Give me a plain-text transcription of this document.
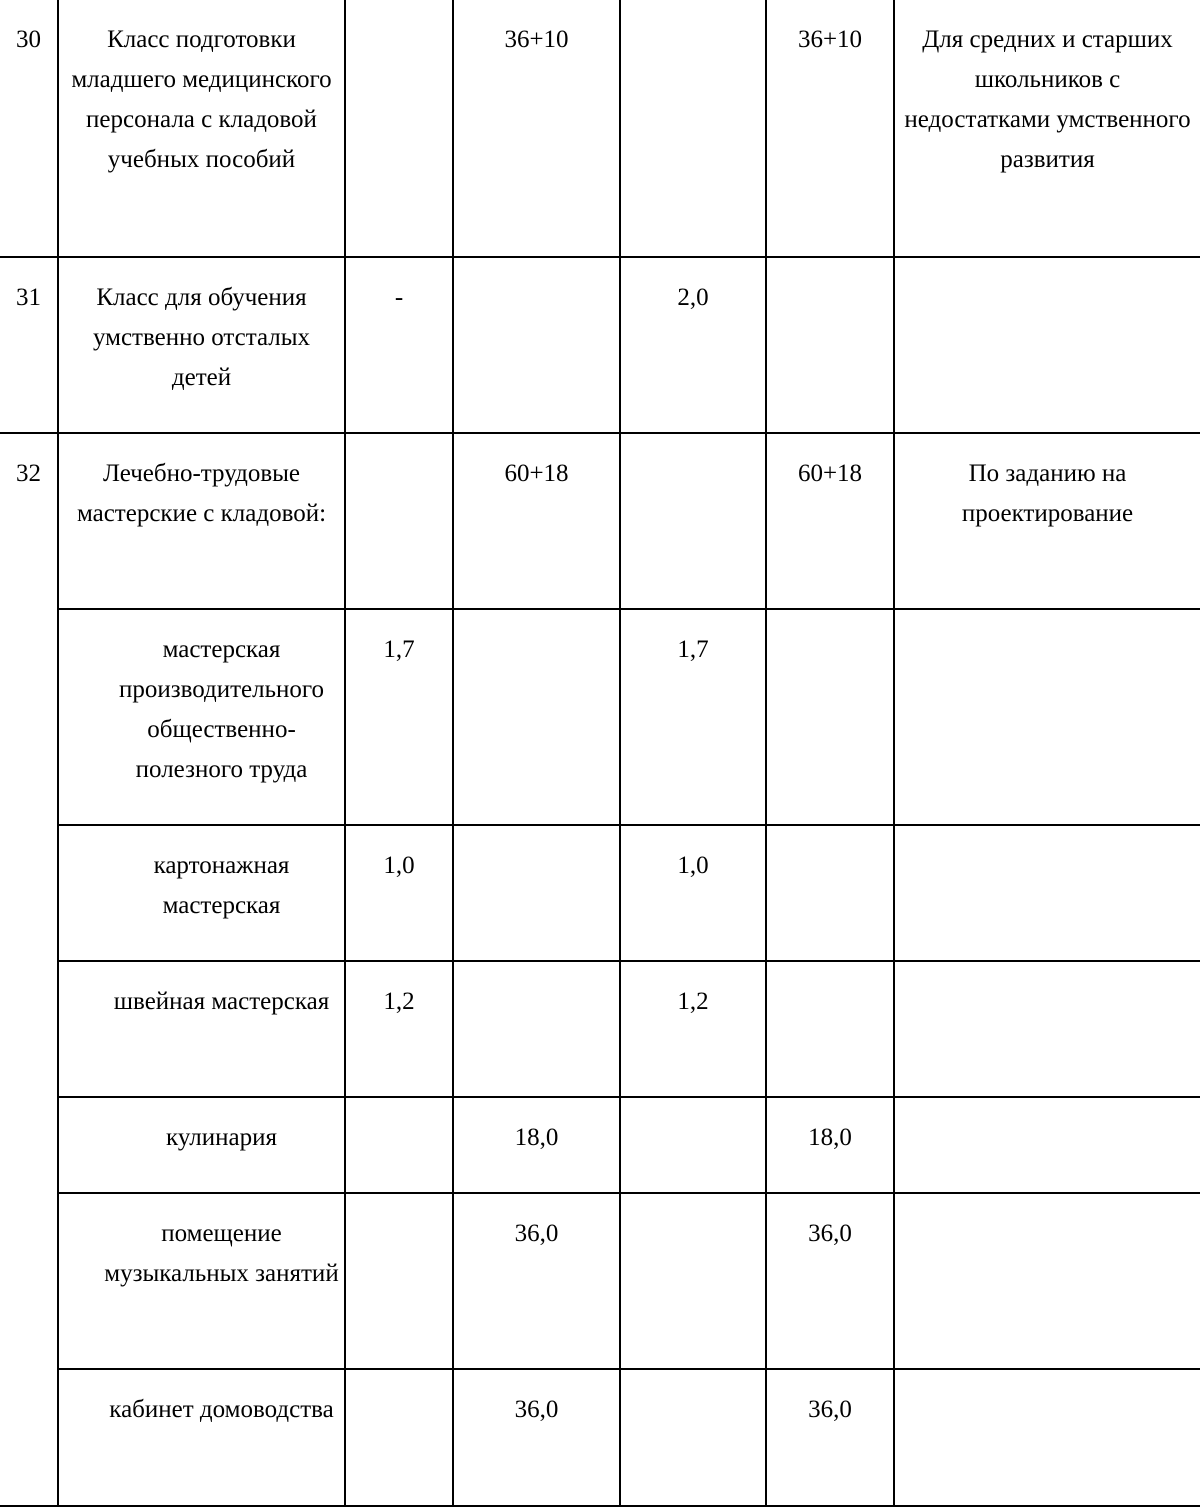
30	Класс подготовки младшего медицинского персонала с кладовой учебных пособий		36+10		36+10	Для средних и старших школьников с недостатками умственного развития
31	Класс для обучения умственно отсталых детей	-		2,0		
32	Лечебно-трудовые мастерские с кладовой:		60+18		60+18	По заданию на проектирование
	мастерская производительного общественно-полезного труда	1,7		1,7		
	картонажная мастерская	1,0		1,0		
	швейная мастерская	1,2		1,2		
	кулинария		18,0		18,0	
	помещение музыкальных занятий		36,0		36,0	
	кабинет домоводства		36,0		36,0	
